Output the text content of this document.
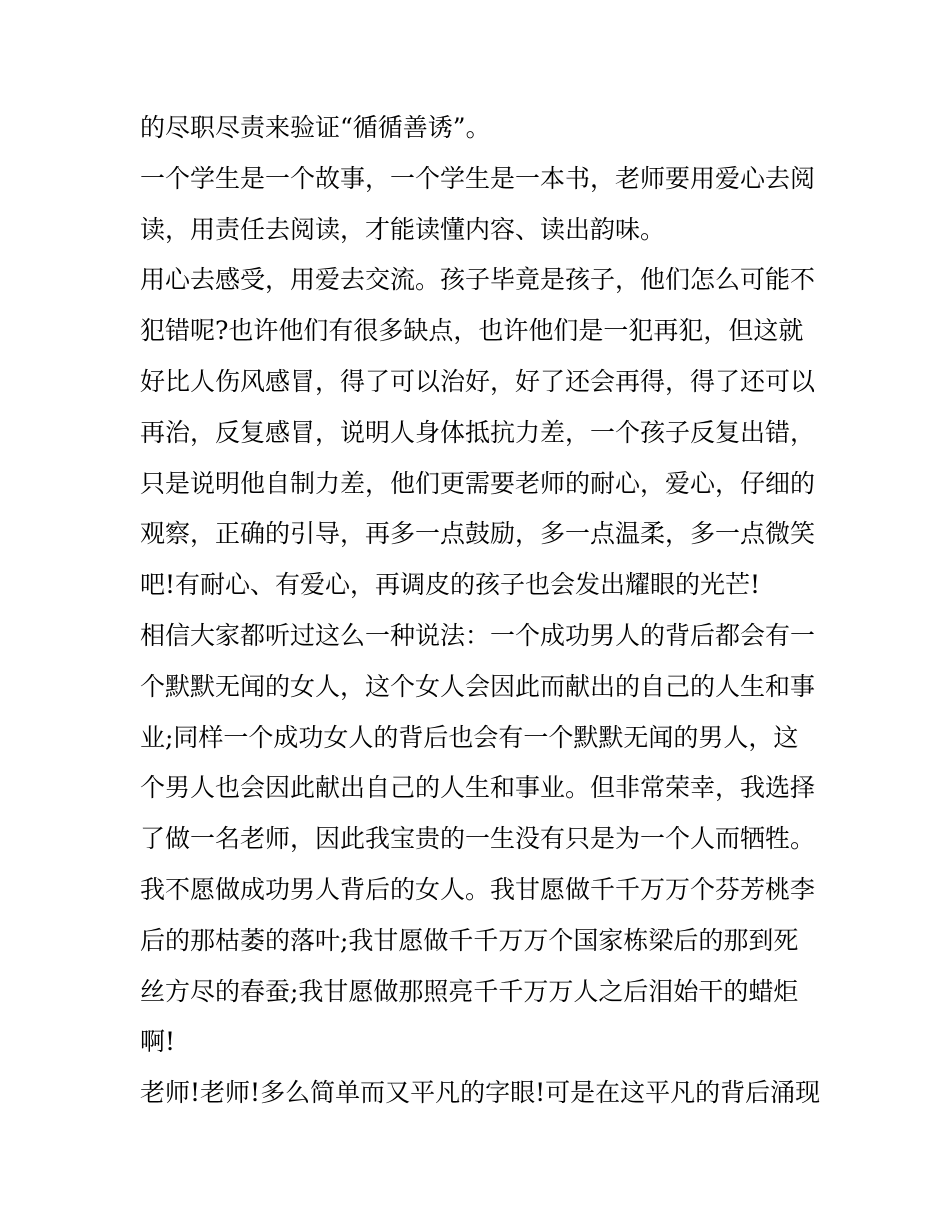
的尽职尽责来验证“循循善诱”。
一个学生是一个故事，一个学生是一本书，老师要用爱心去阅
读，用责任去阅读，才能读懂内容、读出韵味。
用心去感受，用爱去交流。孩子毕竟是孩子，他们怎么可能不
犯错呢?也许他们有很多缺点，也许他们是一犯再犯，但这就
好比人伤风感冒，得了可以治好，好了还会再得，得了还可以
再治，反复感冒，说明人身体抵抗力差，一个孩子反复出错，
只是说明他自制力差，他们更需要老师的耐心，爱心，仔细的
观察，正确的引导，再多一点鼓励，多一点温柔，多一点微笑
吧!有耐心、有爱心，再调皮的孩子也会发出耀眼的光芒!
相信大家都听过这么一种说法：一个成功男人的背后都会有一
个默默无闻的女人，这个女人会因此而献出的自己的人生和事
业;同样一个成功女人的背后也会有一个默默无闻的男人，这
个男人也会因此献出自己的人生和事业。但非常荣幸，我选择
了做一名老师，因此我宝贵的一生没有只是为一个人而牺牲。
我不愿做成功男人背后的女人。我甘愿做千千万万个芬芳桃李
后的那枯萎的落叶;我甘愿做千千万万个国家栋梁后的那到死
丝方尽的春蚕;我甘愿做那照亮千千万万人之后泪始干的蜡炬
啊!
老师!老师!多么简单而又平凡的字眼!可是在这平凡的背后涌现
